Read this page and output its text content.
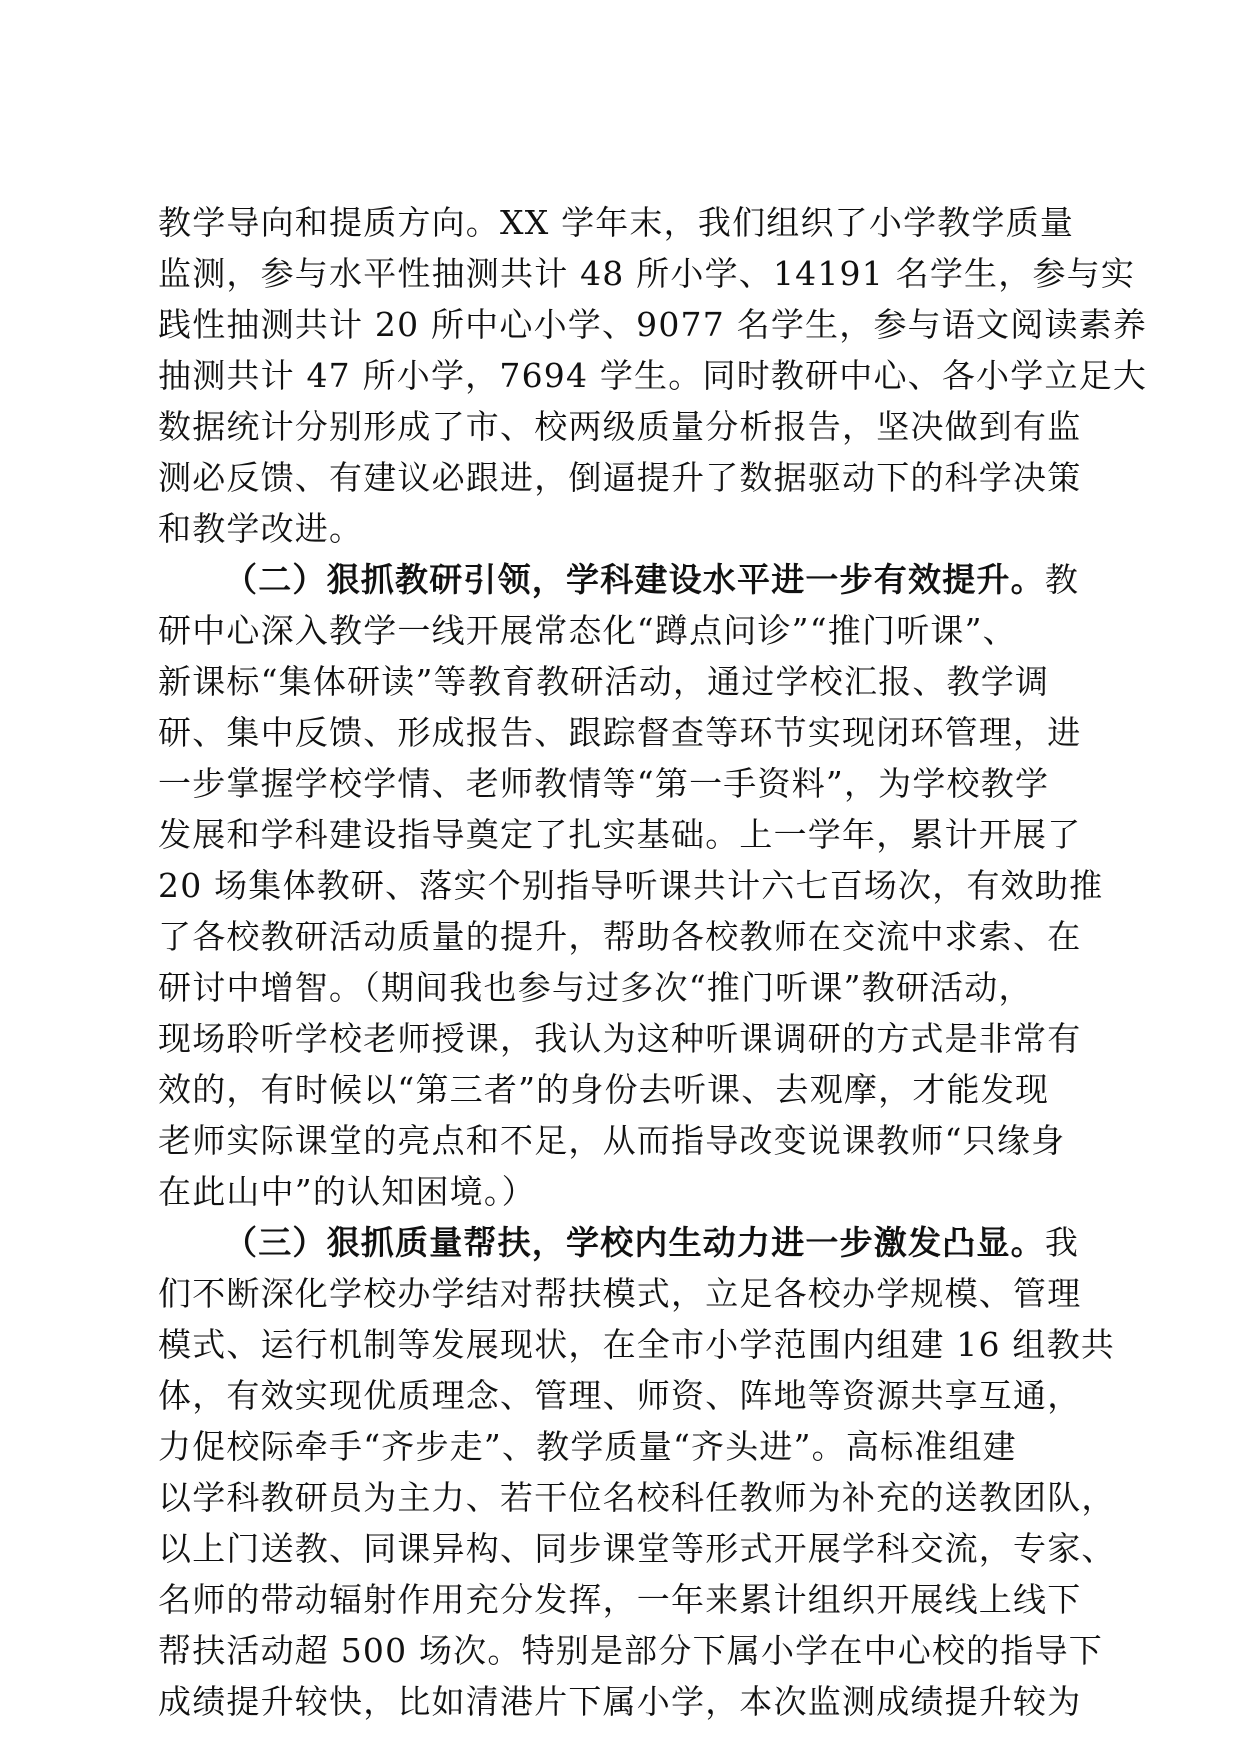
教学导向和提质方向。XX 学年末，我们组织了小学教学质量
监测，参与水平性抽测共计 48 所小学、14191 名学生，参与实
践性抽测共计 20 所中心小学、9077 名学生，参与语文阅读素养
抽测共计 47 所小学，7694 学生。同时教研中心、各小学立足大
数据统计分别形成了市、校两级质量分析报告，坚决做到有监
测必反馈、有建议必跟进，倒逼提升了数据驱动下的科学决策
和教学改进。
（二）狠抓教研引领，学科建设水平进一步有效提升。教
研中心深入教学一线开展常态化“蹲点问诊”“推门听课”、
新课标“集体研读”等教育教研活动，通过学校汇报、教学调
研、集中反馈、形成报告、跟踪督查等环节实现闭环管理，进
一步掌握学校学情、老师教情等“第一手资料”，为学校教学
发展和学科建设指导奠定了扎实基础。上一学年，累计开展了
20 场集体教研、落实个别指导听课共计六七百场次，有效助推
了各校教研活动质量的提升，帮助各校教师在交流中求索、在
研讨中增智。（期间我也参与过多次“推门听课”教研活动，
现场聆听学校老师授课，我认为这种听课调研的方式是非常有
效的，有时候以“第三者”的身份去听课、去观摩，才能发现
老师实际课堂的亮点和不足，从而指导改变说课教师“只缘身
在此山中”的认知困境。）
（三）狠抓质量帮扶，学校内生动力进一步激发凸显。我
们不断深化学校办学结对帮扶模式，立足各校办学规模、管理
模式、运行机制等发展现状，在全市小学范围内组建 16 组教共
体，有效实现优质理念、管理、师资、阵地等资源共享互通，
力促校际牵手“齐步走”、教学质量“齐头进”。高标准组建
以学科教研员为主力、若干位名校科任教师为补充的送教团队，
以上门送教、同课异构、同步课堂等形式开展学科交流，专家、
名师的带动辐射作用充分发挥，一年来累计组织开展线上线下
帮扶活动超 500 场次。特别是部分下属小学在中心校的指导下
成绩提升较快，比如清港片下属小学，本次监测成绩提升较为
